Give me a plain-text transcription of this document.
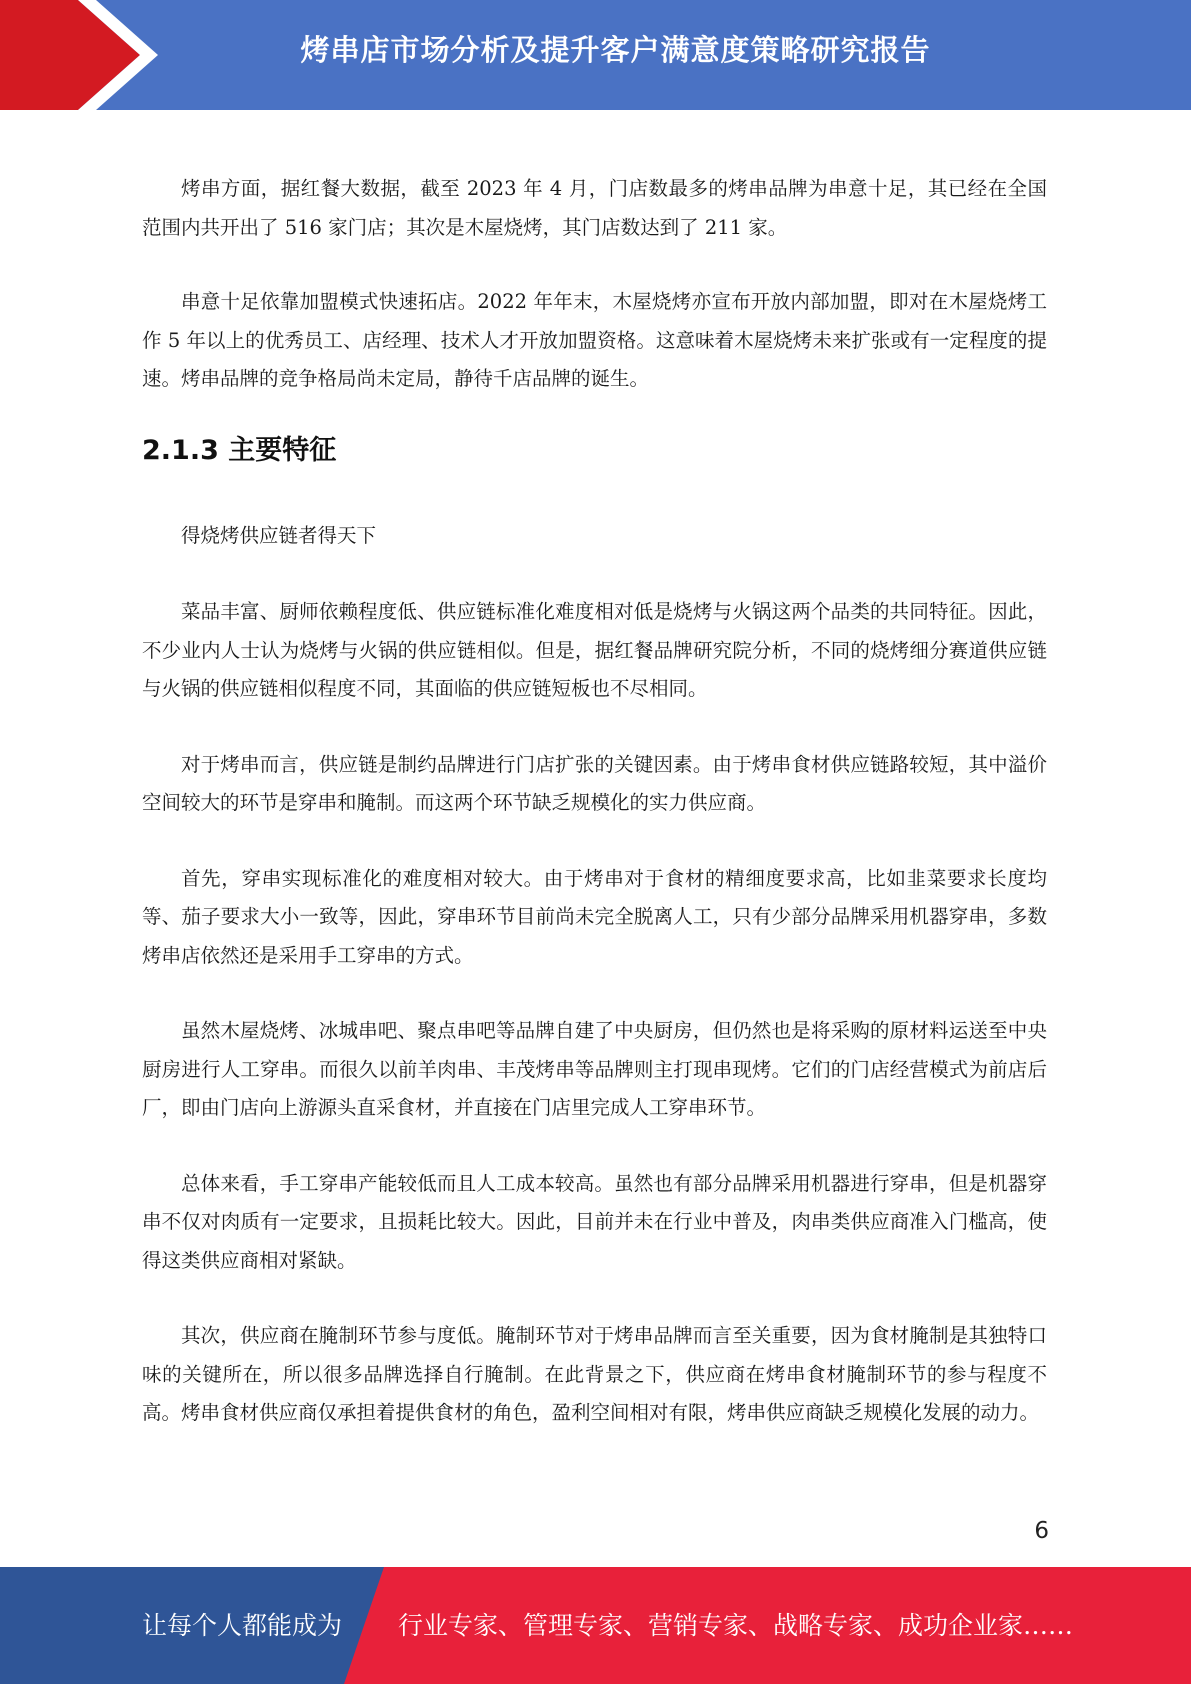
烤串店市场分析及提升客户满意度策略研究报告

烤串方面，据红餐大数据，截至 2023 年 4 月，门店数最多的烤串品牌为串意十足，其已经在全国范围内共开出了 516 家门店；其次是木屋烧烤，其门店数达到了 211 家。

串意十足依靠加盟模式快速拓店。2022 年年末，木屋烧烤亦宣布开放内部加盟，即对在木屋烧烤工作 5 年以上的优秀员工、店经理、技术人才开放加盟资格。这意味着木屋烧烤未来扩张或有一定程度的提速。烤串品牌的竞争格局尚未定局，静待千店品牌的诞生。

2.1.3 主要特征

得烧烤供应链者得天下

菜品丰富、厨师依赖程度低、供应链标准化难度相对低是烧烤与火锅这两个品类的共同特征。因此，不少业内人士认为烧烤与火锅的供应链相似。但是，据红餐品牌研究院分析，不同的烧烤细分赛道供应链与火锅的供应链相似程度不同，其面临的供应链短板也不尽相同。

对于烤串而言，供应链是制约品牌进行门店扩张的关键因素。由于烤串食材供应链路较短，其中溢价空间较大的环节是穿串和腌制。而这两个环节缺乏规模化的实力供应商。

首先，穿串实现标准化的难度相对较大。由于烤串对于食材的精细度要求高，比如韭菜要求长度均等、茄子要求大小一致等，因此，穿串环节目前尚未完全脱离人工，只有少部分品牌采用机器穿串，多数烤串店依然还是采用手工穿串的方式。

虽然木屋烧烤、冰城串吧、聚点串吧等品牌自建了中央厨房，但仍然也是将采购的原材料运送至中央厨房进行人工穿串。而很久以前羊肉串、丰茂烤串等品牌则主打现串现烤。它们的门店经营模式为前店后厂，即由门店向上游源头直采食材，并直接在门店里完成人工穿串环节。

总体来看，手工穿串产能较低而且人工成本较高。虽然也有部分品牌采用机器进行穿串，但是机器穿串不仅对肉质有一定要求，且损耗比较大。因此，目前并未在行业中普及，肉串类供应商准入门槛高，使得这类供应商相对紧缺。

其次，供应商在腌制环节参与度低。腌制环节对于烤串品牌而言至关重要，因为食材腌制是其独特口味的关键所在，所以很多品牌选择自行腌制。在此背景之下，供应商在烤串食材腌制环节的参与程度不高。烤串食材供应商仅承担着提供食材的角色，盈利空间相对有限，烤串供应商缺乏规模化发展的动力。

6
让每个人都能成为 行业专家、管理专家、营销专家、战略专家、成功企业家……
